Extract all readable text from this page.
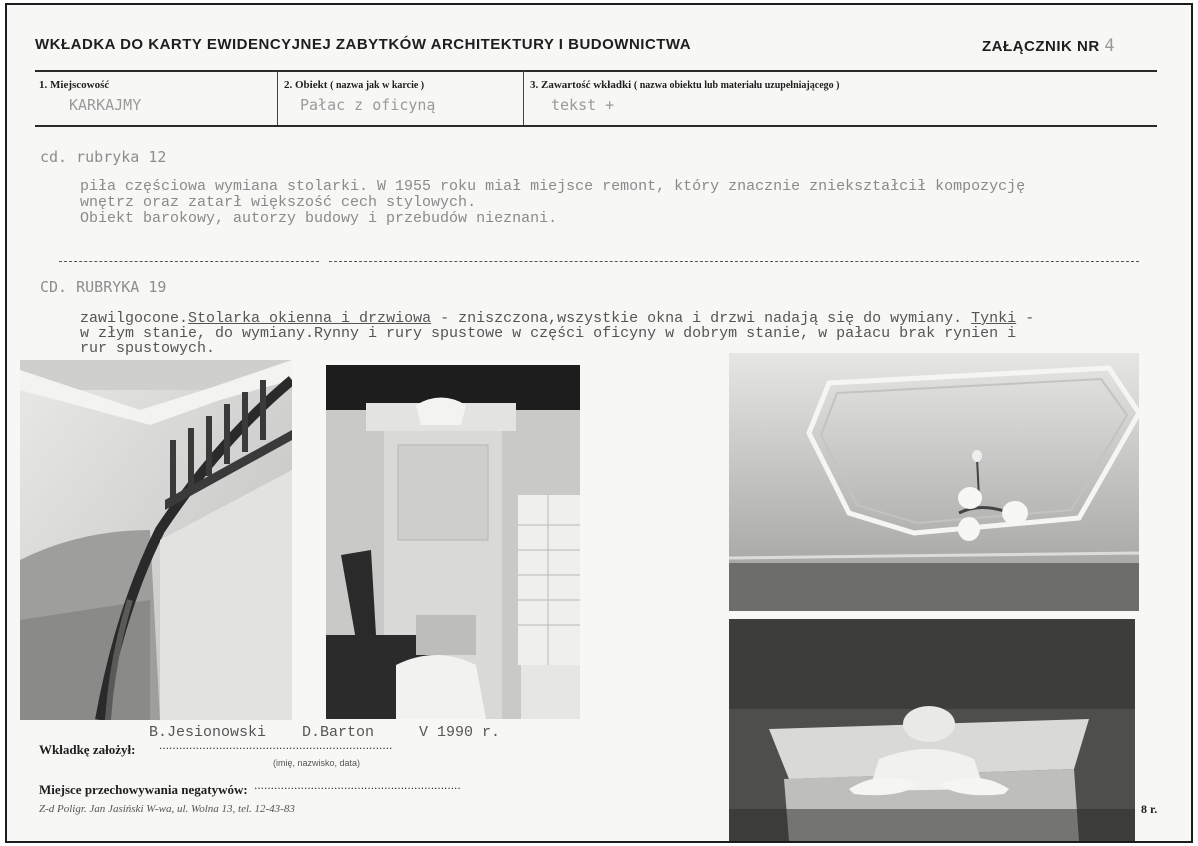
WKŁADKA DO KARTY EWIDENCYJNEJ ZABYTKÓW ARCHITEKTURY I BUDOWNICTWA	ZAŁĄCZNIK NR 4
1. Miejscowość
KARKAJMY
2. Obiekt ( nazwa jak w karcie )
Pałac z oficyną
3. Zawartość wkładki ( nazwa obiektu lub materiału uzupełniającego )
tekst +
cd. rubryka 12
piła częściowa wymiana stolarki. W 1955 roku miał miejsce remont, który znacznie zniekształcił kompozycję
wnętrz oraz zatarł większość cech stylowych.
Obiekt barokowy, autorzy budowy i przebudów nieznani.
CD. RUBRYKA 19
zawilgocone.Stolarka okienna i drzwiowa - zniszczona,wszystkie okna i drzwi nadają się do wymiany. Tynki -
w złym stanie, do wymiany.Rynny i rury spustowe w części oficyny w dobrym stanie, w pałacu brak rynien i
rur spustowych.
B.Jesionowski    D.Barton     V 1990 r.
Wkładkę założył: ......................................................................
(imię, nazwisko, data)
Miejsce przechowywania negatywów: ..............................................................
Z-d Poligr. Jan Jasiński W-wa, ul. Wolna 13, tel. 12-43-83	8 r.
